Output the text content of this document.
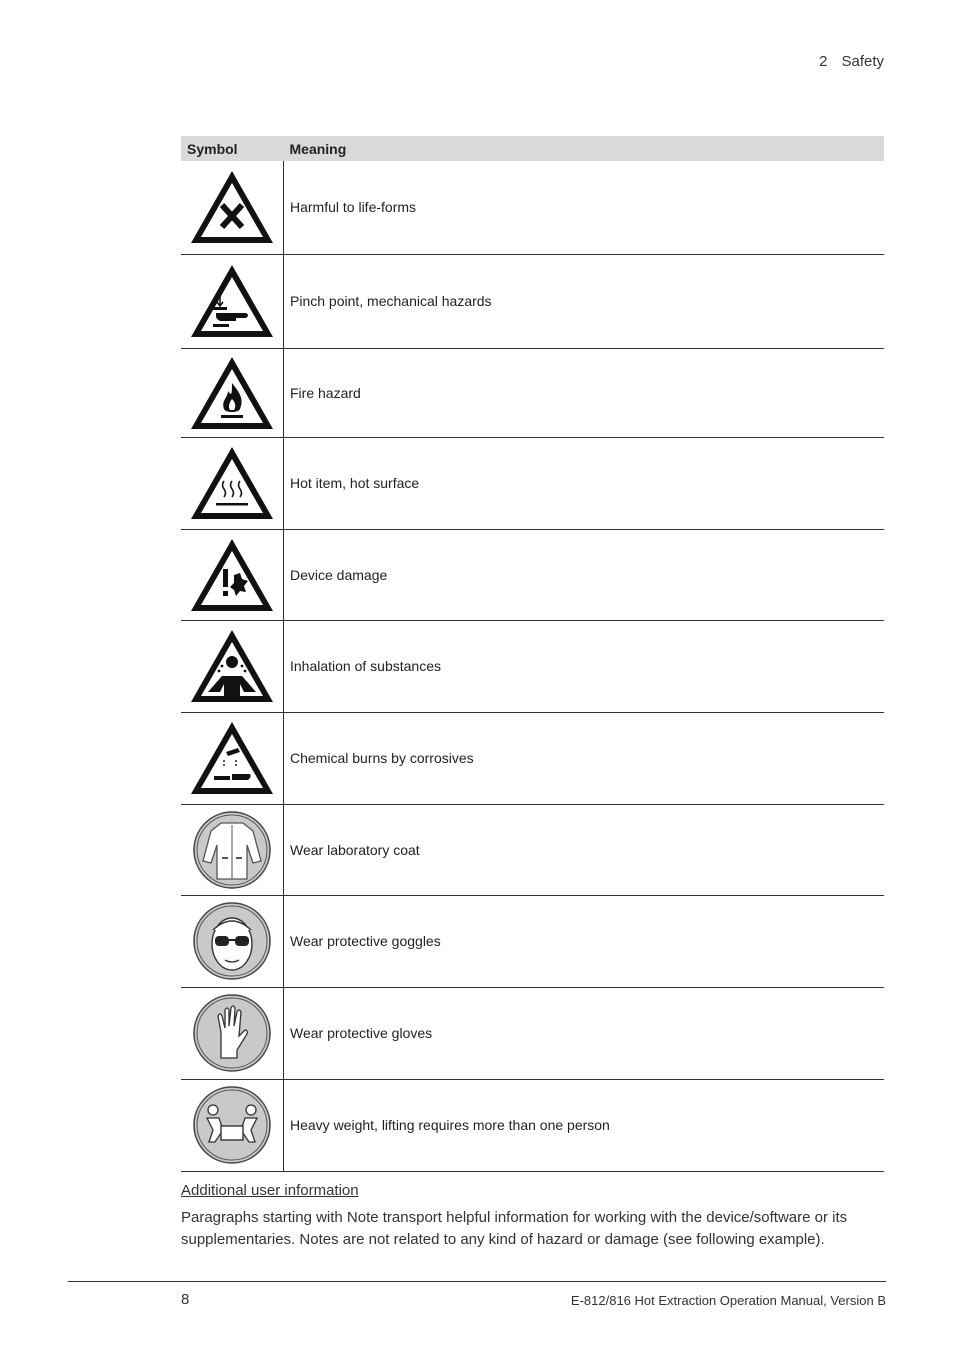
2 Safety
Symbol	Meaning

	Harmful to life-forms

	Pinch point, mechanical hazards

	Fire hazard

	Hot item, hot surface

	Device damage

	Inhalation of substances

	Chemical burns by corrosives

	Wear laboratory coat

	Wear protective goggles

	Wear protective gloves

	Heavy weight, lifting requires more than one person
Additional user information
Paragraphs starting with Note transport helpful information for working with the device/software or its supplementaries. Notes are not related to any kind of hazard or damage (see following example).
8	E-812/816 Hot Extraction Operation Manual, Version B
